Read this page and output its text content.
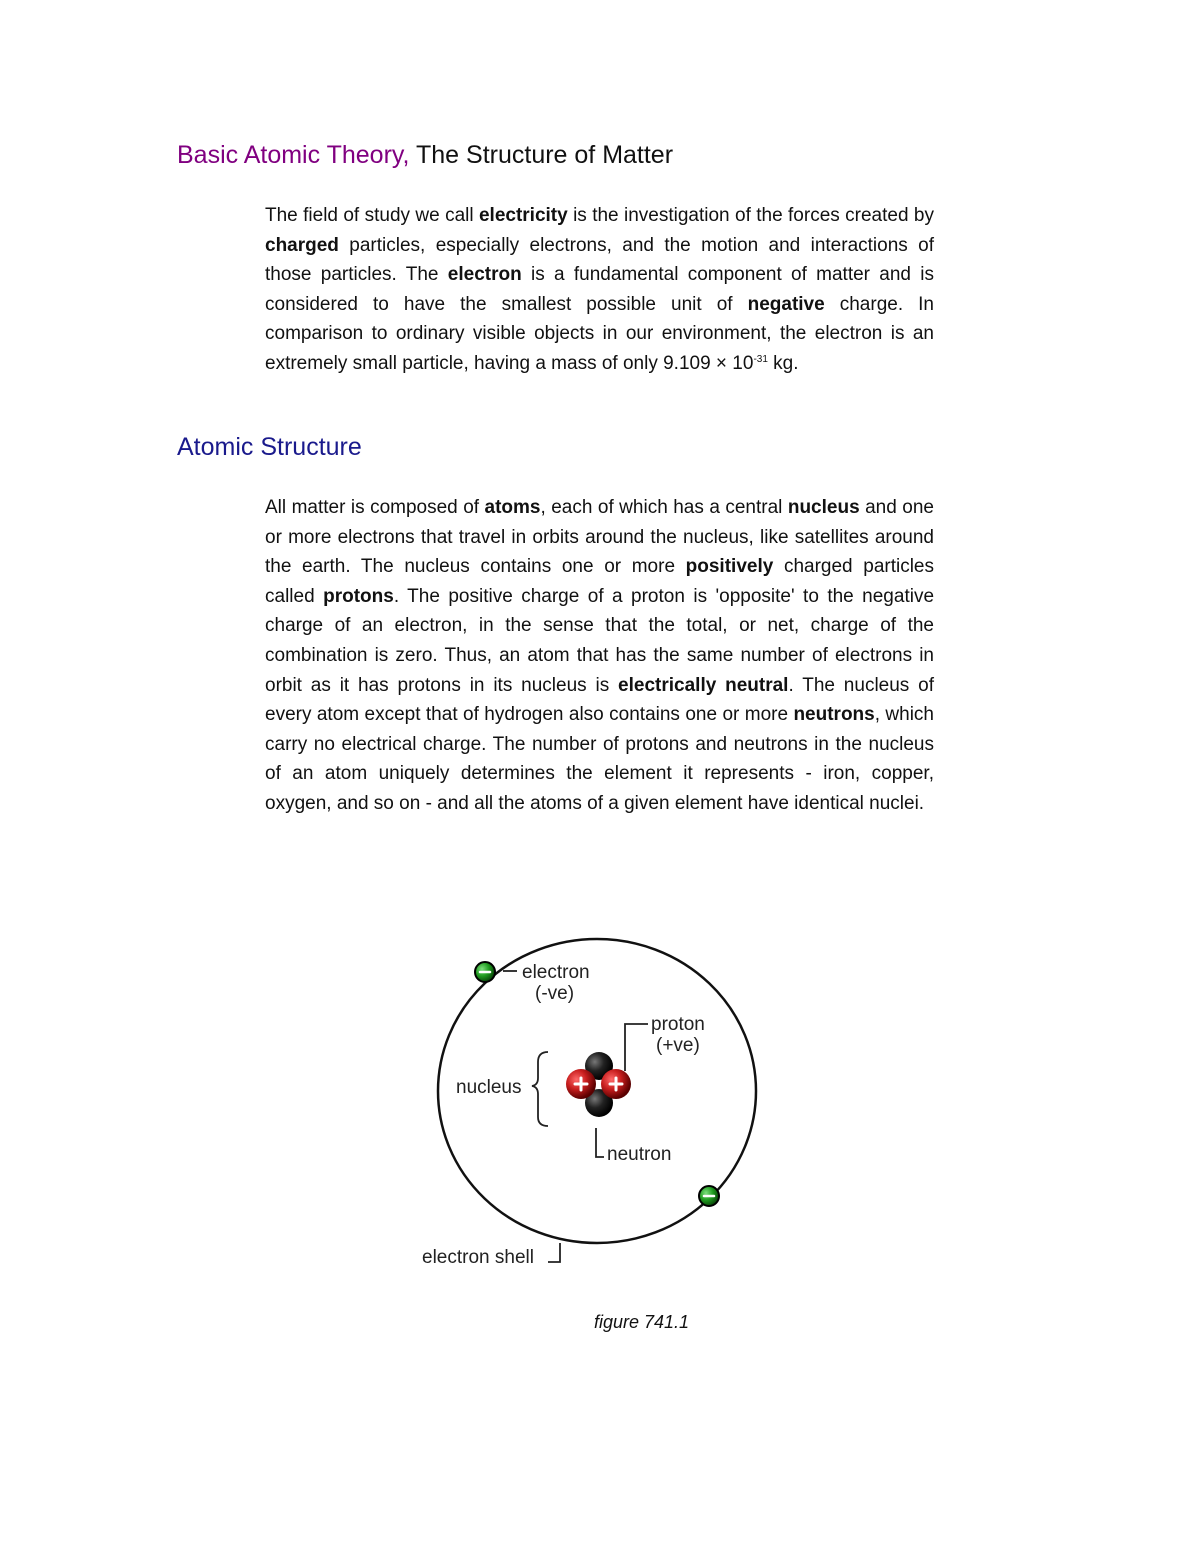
Basic Atomic Theory, The Structure of Matter

The field of study we call electricity is the investigation of the forces created by charged particles, especially electrons, and the motion and interactions of those particles. The electron is a fundamental component of matter and is considered to have the smallest possible unit of negative charge. In comparison to ordinary visible objects in our environment, the electron is an extremely small particle, having a mass of only $9.109 \times 10^{-31}$ kg.

Atomic Structure

All matter is composed of atoms, each of which has a central nucleus and one or more electrons that travel in orbits around the nucleus, like satellites around the earth. The nucleus contains one or more positively charged particles called protons. The positive charge of a proton is 'opposite' to the negative charge of an electron, in the sense that the total, or net, charge of the combination is zero. Thus, an atom that has the same number of electrons in orbit as it has protons in its nucleus is electrically neutral. The nucleus of every atom except that of hydrogen also contains one or more neutrons, which carry no electrical charge. The number of protons and neutrons in the nucleus of an atom uniquely determines the element it represents - iron, copper, oxygen, and so on - and all the atoms of a given element have identical nuclei.

electron
(-ve)
proton
(+ve)
nucleus
neutron
electron shell
figure 741.1
